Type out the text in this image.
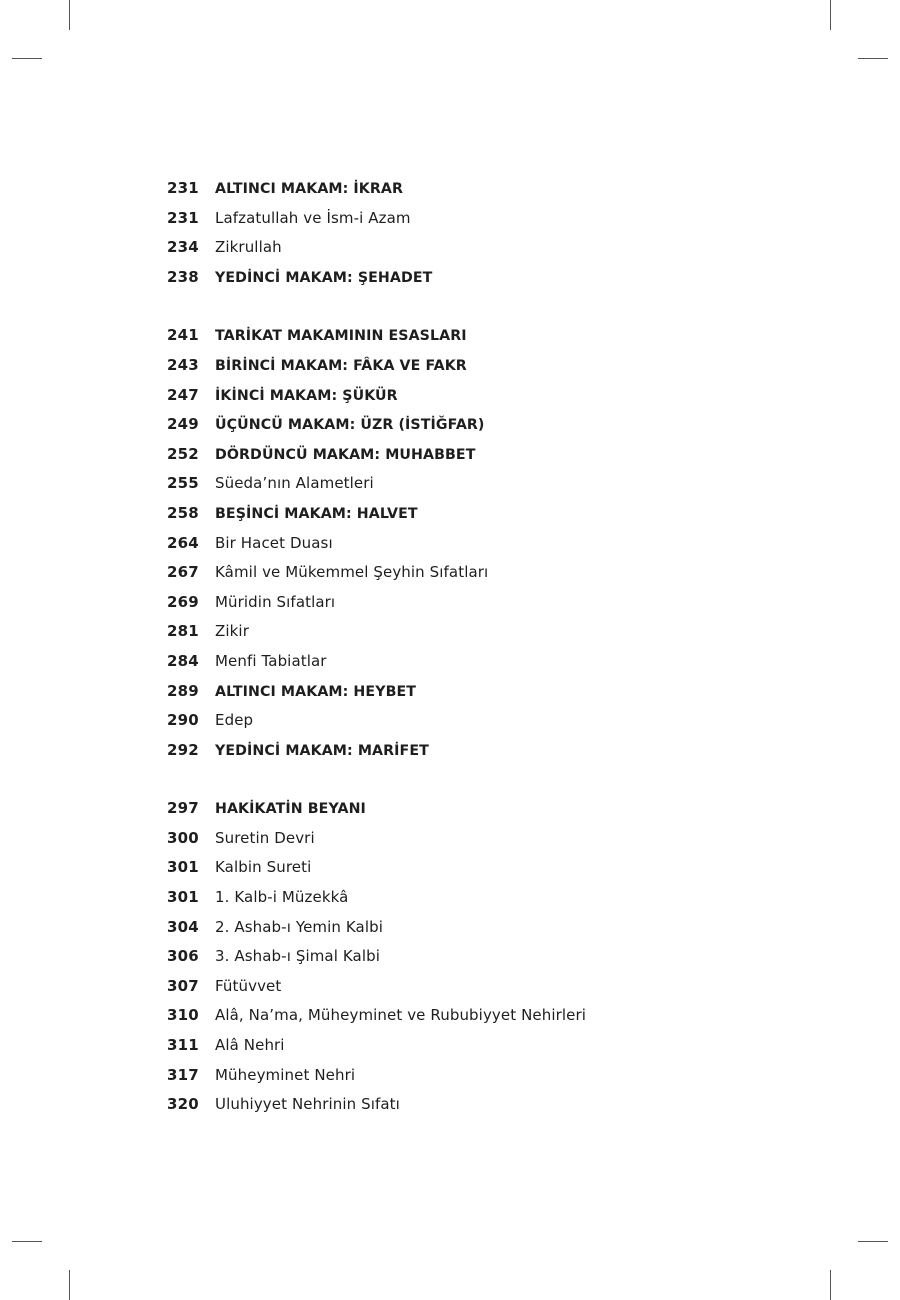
231	ALTINCI MAKAM: İKRAR
231	Lafzatullah ve İsm-i Azam
234	Zikrullah
238	YEDİNCİ MAKAM: ŞEHADET
241	TARİKAT MAKAMININ ESASLARI
243	BİRİNCİ MAKAM: FÂKA VE FAKR
247	İKİNCİ MAKAM: ŞÜKÜR
249	ÜÇÜNCÜ MAKAM: ÜZR (İSTİĞFAR)
252	DÖRDÜNCÜ MAKAM: MUHABBET
255	Süeda’nın Alametleri
258	BEŞİNCİ MAKAM: HALVET
264	Bir Hacet Duası
267	Kâmil ve Mükemmel Şeyhin Sıfatları
269	Müridin Sıfatları
281	Zikir
284	Menfi Tabiatlar
289	ALTINCI MAKAM: HEYBET
290	Edep
292	YEDİNCİ MAKAM: MARİFET
297	HAKİKATİN BEYANI
300	Suretin Devri
301	Kalbin Sureti
301	1. Kalb-i Müzekkâ
304	2. Ashab-ı Yemin Kalbi
306	3. Ashab-ı Şimal Kalbi
307	Fütüvvet
310	Alâ, Na’ma, Müheyminet ve Rububiyyet Nehirleri
311	Alâ Nehri
317	Müheyminet Nehri
320	Uluhiyyet Nehrinin Sıfatı
